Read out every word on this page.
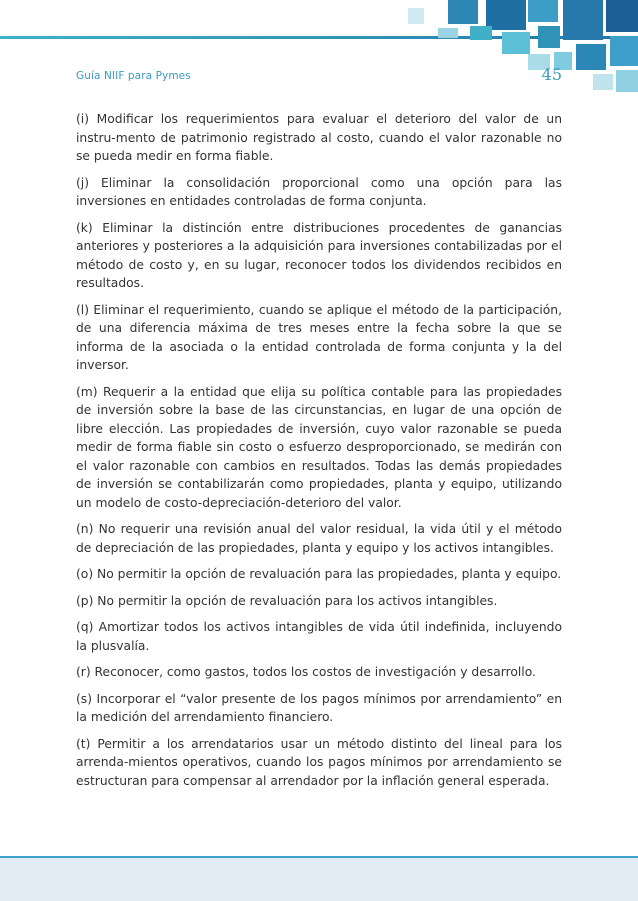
Guía NIIF para Pymes	45

(i) Modificar los requerimientos para evaluar el deterioro del valor de un instru-mento de patrimonio registrado al costo, cuando el valor razonable no se pueda medir en forma fiable.

(j) Eliminar la consolidación proporcional como una opción para las inversiones en entidades controladas de forma conjunta.

(k) Eliminar la distinción entre distribuciones procedentes de ganancias anteriores y posteriores a la adquisición para inversiones contabilizadas por el método de costo y, en su lugar, reconocer todos los dividendos recibidos en resultados.

(l) Eliminar el requerimiento, cuando se aplique el método de la participación, de una diferencia máxima de tres meses entre la fecha sobre la que se informa de la asociada o la entidad controlada de forma conjunta y la del inversor.

(m) Requerir a la entidad que elija su política contable para las propiedades de inversión sobre la base de las circunstancias, en lugar de una opción de libre elección. Las propiedades de inversión, cuyo valor razonable se pueda medir de forma fiable sin costo o esfuerzo desproporcionado, se medirán con el valor razonable con cambios en resultados. Todas las demás propiedades de inversión se contabilizarán como propiedades, planta y equipo, utilizando un modelo de costo-depreciación-deterioro del valor.

(n) No requerir una revisión anual del valor residual, la vida útil y el método de depreciación de las propiedades, planta y equipo y los activos intangibles.

(o) No permitir la opción de revaluación para las propiedades, planta y equipo.

(p) No permitir la opción de revaluación para los activos intangibles.

(q) Amortizar todos los activos intangibles de vida útil indefinida, incluyendo la plusvalía.

(r) Reconocer, como gastos, todos los costos de investigación y desarrollo.

(s) Incorporar el “valor presente de los pagos mínimos por arrendamiento” en la medición del arrendamiento financiero.

(t) Permitir a los arrendatarios usar un método distinto del lineal para los arrenda-mientos operativos, cuando los pagos mínimos por arrendamiento se estructuran para compensar al arrendador por la inflación general esperada.
